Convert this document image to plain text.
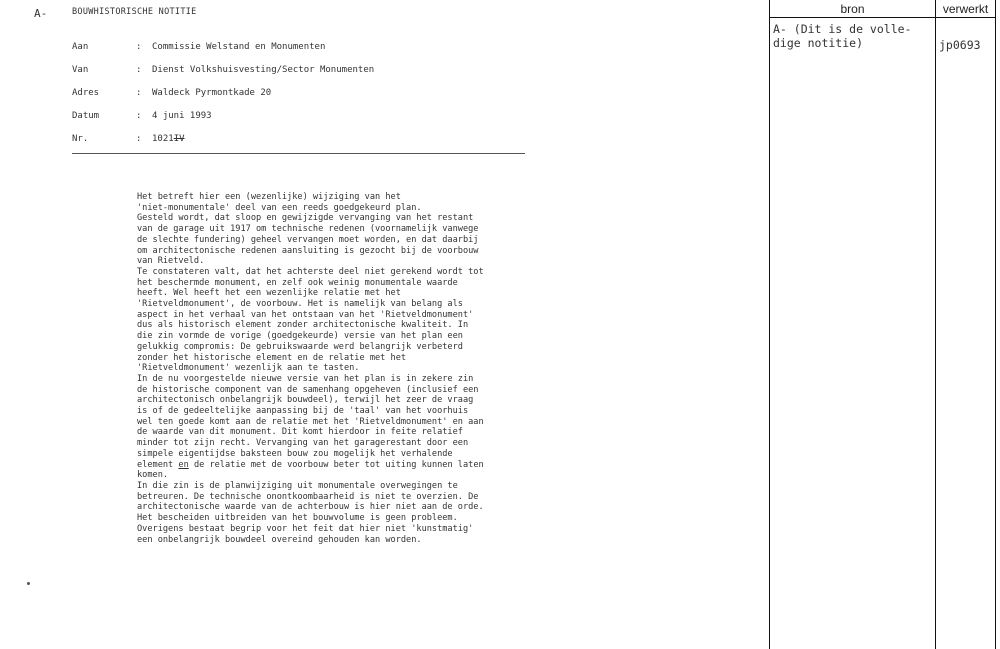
A-	BOUWHISTORISCHE NOTITIE
Aan	: Commissie Welstand en Monumenten
Van	: Dienst Volkshuisvesting/Sector Monumenten
Adres	: Waldeck Pyrmontkade 20
Datum	: 4 juni 1993
Nr.	: 1021IV

Het betreft hier een (wezenlijke) wijziging van het

'niet-monumentale' deel van een reeds goedgekeurd plan.

Gesteld wordt, dat sloop en gewijzigde vervanging van het restant

van de garage uit 1917 om technische redenen (voornamelijk vanwege

de slechte fundering) geheel vervangen moet worden, en dat daarbij

om architectonische redenen aansluiting is gezocht bij de voorbouw

van Rietveld.

Te constateren valt, dat het achterste deel niet gerekend wordt tot

het beschermde monument, en zelf ook weinig monumentale waarde

heeft. Wel heeft het een wezenlijke relatie met het

'Rietveldmonument', de voorbouw. Het is namelijk van belang als

aspect in het verhaal van het ontstaan van het 'Rietveldmonument'

dus als historisch element zonder architectonische kwaliteit. In

die zin vormde de vorige (goedgekeurde) versie van het plan een

gelukkig compromis: De gebruikswaarde werd belangrijk verbeterd

zonder het historische element en de relatie met het

'Rietveldmonument' wezenlijk aan te tasten.

In de nu voorgestelde nieuwe versie van het plan is in zekere zin

de historische component van de samenhang opgeheven (inclusief een

architectonisch onbelangrijk bouwdeel), terwijl het zeer de vraag

is of de gedeeltelijke aanpassing bij de 'taal' van het voorhuis

wel ten goede komt aan de relatie met het 'Rietveldmonument' en aan

de waarde van dit monument. Dit komt hierdoor in feite relatief

minder tot zijn recht. Vervanging van het garagerestant door een

simpele eigentijdse baksteen bouw zou mogelijk het verhalende

element en de relatie met de voorbouw beter tot uiting kunnen laten

komen.

In die zin is de planwijziging uit monumentale overwegingen te

betreuren. De technische onontkoombaarheid is niet te overzien. De

architectonische waarde van de achterbouw is hier niet aan de orde.

Het bescheiden uitbreiden van het bouwvolume is geen probleem.

Overigens bestaat begrip voor het feit dat hier niet 'kunstmatig'

een onbelangrijk bouwdeel overeind gehouden kan worden.

bron	verwerkt
A- (Dit is de volle-
dige notitie)	jp0693
